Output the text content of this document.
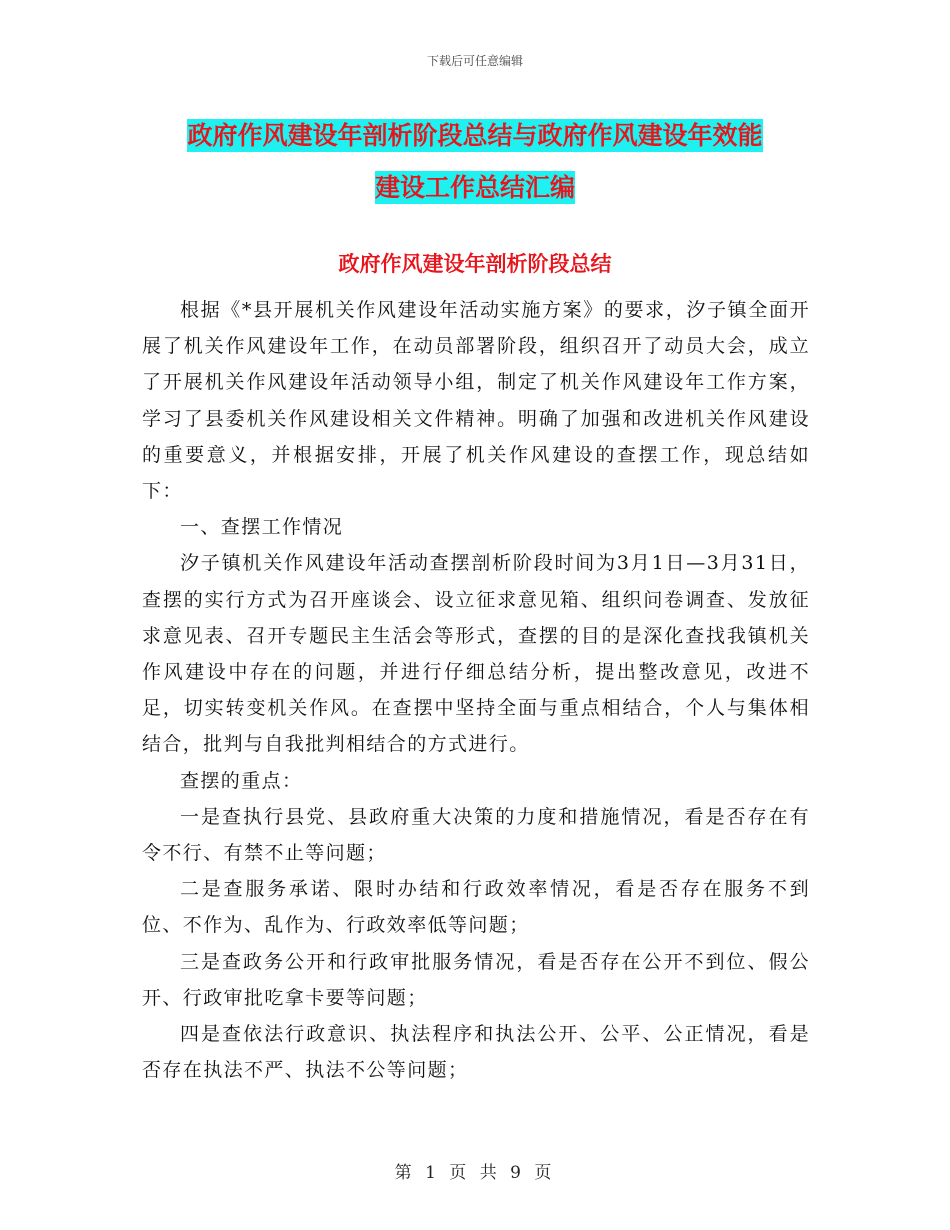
下载后可任意编辑
政府作风建设年剖析阶段总结与政府作风建设年效能
建设工作总结汇编
政府作风建设年剖析阶段总结

根据《*县开展机关作风建设年活动实施方案》的要求，汐子镇全面开展了机关作风建设年工作，在动员部署阶段，组织召开了动员大会，成立了开展机关作风建设年活动领导小组，制定了机关作风建设年工作方案，学习了县委机关作风建设相关文件精神。明确了加强和改进机关作风建设的重要意义，并根据安排，开展了机关作风建设的查摆工作，现总结如下：

一、查摆工作情况

汐子镇机关作风建设年活动查摆剖析阶段时间为3月1日—3月31日，查摆的实行方式为召开座谈会、设立征求意见箱、组织问卷调查、发放征求意见表、召开专题民主生活会等形式，查摆的目的是深化查找我镇机关作风建设中存在的问题，并进行仔细总结分析，提出整改意见，改进不足，切实转变机关作风。在查摆中坚持全面与重点相结合，个人与集体相结合，批判与自我批判相结合的方式进行。

查摆的重点：

一是查执行县党、县政府重大决策的力度和措施情况，看是否存在有令不行、有禁不止等问题；

二是查服务承诺、限时办结和行政效率情况，看是否存在服务不到位、不作为、乱作为、行政效率低等问题；

三是查政务公开和行政审批服务情况，看是否存在公开不到位、假公开、行政审批吃拿卡要等问题；

四是查依法行政意识、执法程序和执法公开、公平、公正情况，看是否存在执法不严、执法不公等问题；

第 1 页 共 9 页
